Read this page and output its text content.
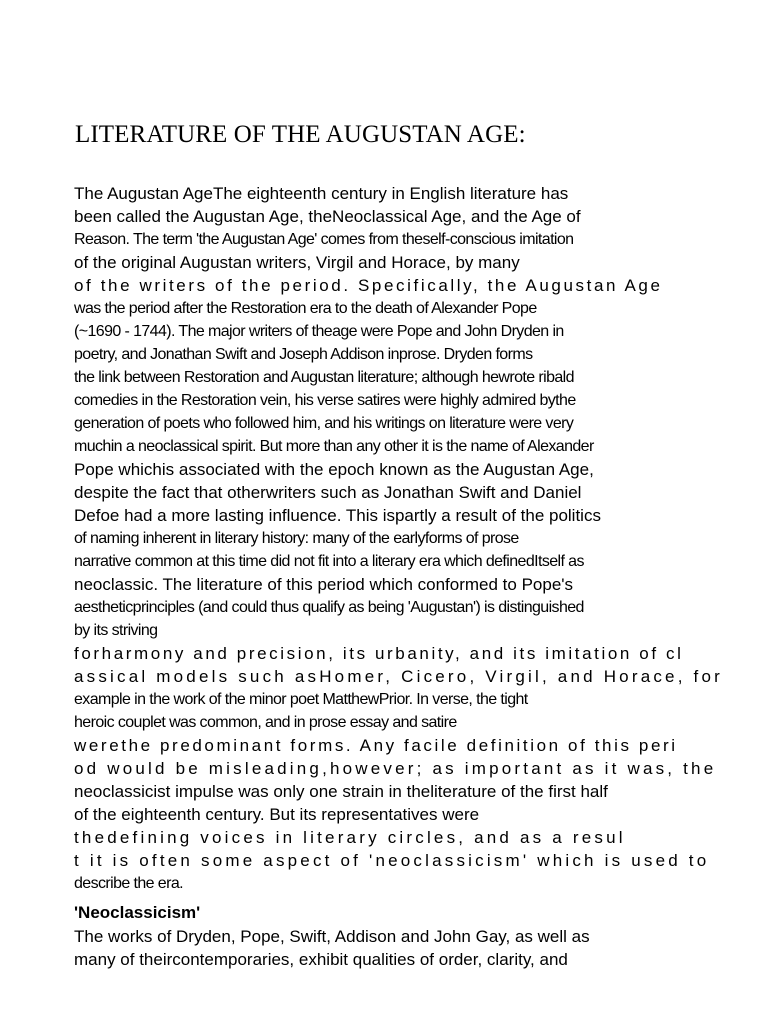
LITERATURE OF THE AUGUSTAN AGE:
The Augustan AgeThe eighteenth century in English literature has
been called the Augustan Age, theNeoclassical Age, and the Age of
Reason. The term 'the Augustan Age' comes from theself-conscious imitation
of the original Augustan writers, Virgil and Horace, by many
of the writers of the period. Specifically, the Augustan Age
was the period after the Restoration era to the death of Alexander Pope
(~1690 - 1744). The major writers of theage were Pope and John Dryden in
poetry, and Jonathan Swift and Joseph Addison inprose. Dryden forms
the link between Restoration and Augustan literature; although hewrote ribald
comedies in the Restoration vein, his verse satires were highly admired bythe
generation of poets who followed him, and his writings on literature were very
muchin a neoclassical spirit. But more than any other it is the name of Alexander
Pope whichis associated with the epoch known as the Augustan Age,
despite the fact that otherwriters such as Jonathan Swift and Daniel
Defoe had a more lasting influence. This ispartly a result of the politics
of naming inherent in literary history: many of the earlyforms of prose
narrative common at this time did not fit into a literary era which definedItself as
neoclassic. The literature of this period which conformed to Pope's
aestheticprinciples (and could thus qualify as being 'Augustan') is distinguished
by its striving
forharmony and precision, its urbanity, and its imitation of cl
assical models such asHomer, Cicero, Virgil, and Horace, for
example in the work of the minor poet MatthewPrior. In verse, the tight
heroic couplet was common, and in prose essay and satire
werethe predominant forms. Any facile definition of this peri
od would be misleading,however; as important as it was, the
neoclassicist impulse was only one strain in theliterature of the first half
of the eighteenth century. But its representatives were
thedefining voices in literary circles, and as a resul
t it is often some aspect of 'neoclassicism' which is used to
describe the era.
'Neoclassicism'
The works of Dryden, Pope, Swift, Addison and John Gay, as well as
many of theircontemporaries, exhibit qualities of order, clarity, and
